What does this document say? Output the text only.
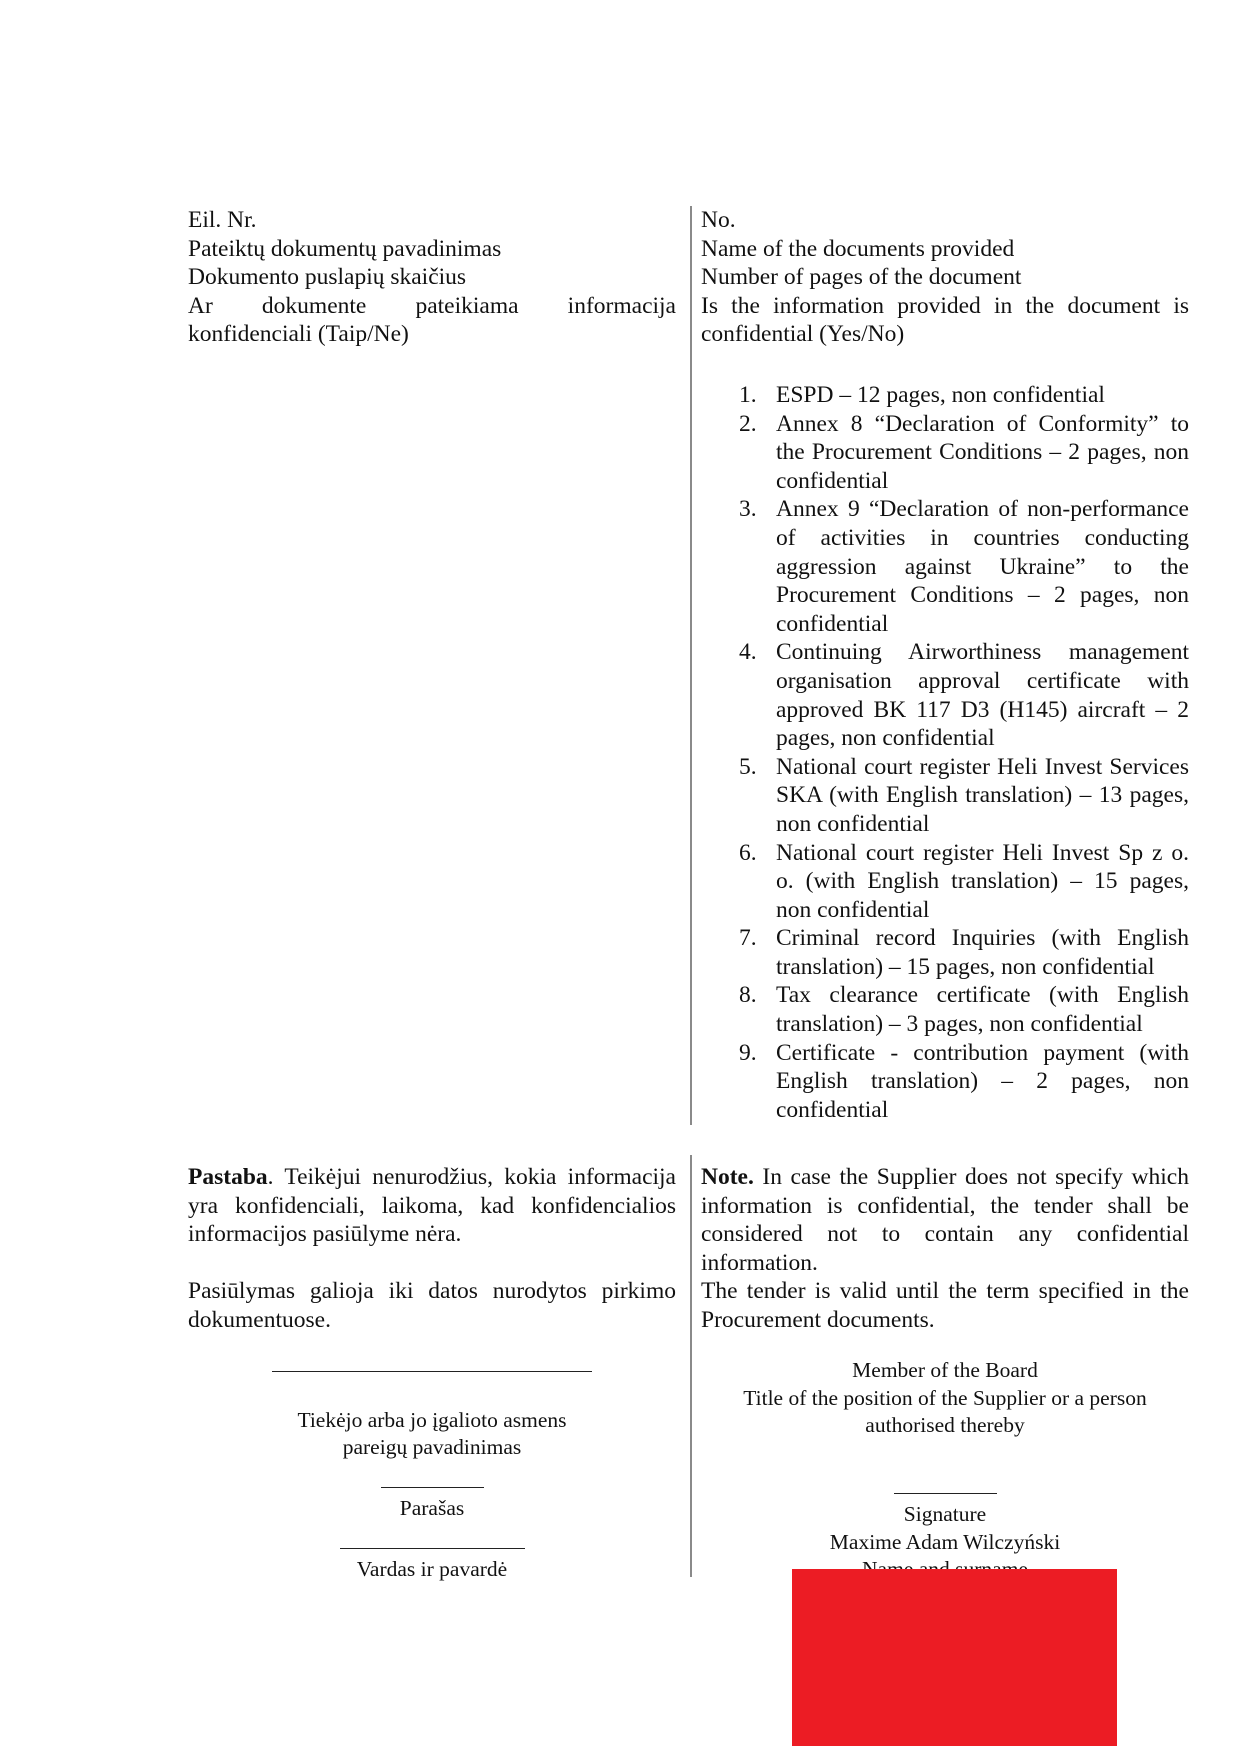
Eil. Nr.
Pateiktų dokumentų pavadinimas
Dokumento puslapių skaičius
Ar dokumente pateikiama informacija konfidenciali (Taip/Ne)
No.
Name of the documents provided
Number of pages of the document
Is the information provided in the document is confidential (Yes/No)
1. ESPD – 12 pages, non confidential
2. Annex 8 “Declaration of Conformity” to the Procurement Conditions – 2 pages, non confidential
3. Annex 9 “Declaration of non-performance of activities in countries conducting aggression against Ukraine” to the Procurement Conditions – 2 pages, non confidential
4. Continuing Airworthiness management organisation approval certificate with approved BK 117 D3 (H145) aircraft – 2 pages, non confidential
5. National court register Heli Invest Services SKA (with English translation) – 13 pages, non confidential
6. National court register Heli Invest Sp z o. o. (with English translation) – 15 pages, non confidential
7. Criminal record Inquiries (with English translation) – 15 pages, non confidential
8. Tax clearance certificate (with English translation) – 3 pages, non confidential
9. Certificate - contribution payment (with English translation) – 2 pages, non confidential
Pastaba. Teikėjui nenurodžius, kokia informacija yra konfidenciali, laikoma, kad konfidencialios informacijos pasiūlyme nėra.
Pasiūlymas galioja iki datos nurodytos pirkimo dokumentuose.
Note. In case the Supplier does not specify which information is confidential, the tender shall be considered not to contain any confidential information.
The tender is valid until the term specified in the Procurement documents.
Tiekėjo arba jo įgalioto asmens
pareigų pavadinimas
Parašas
Vardas ir pavardė
Member of the Board
Title of the position of the Supplier or a person
authorised thereby
Signature
Maxime Adam Wilczyński
